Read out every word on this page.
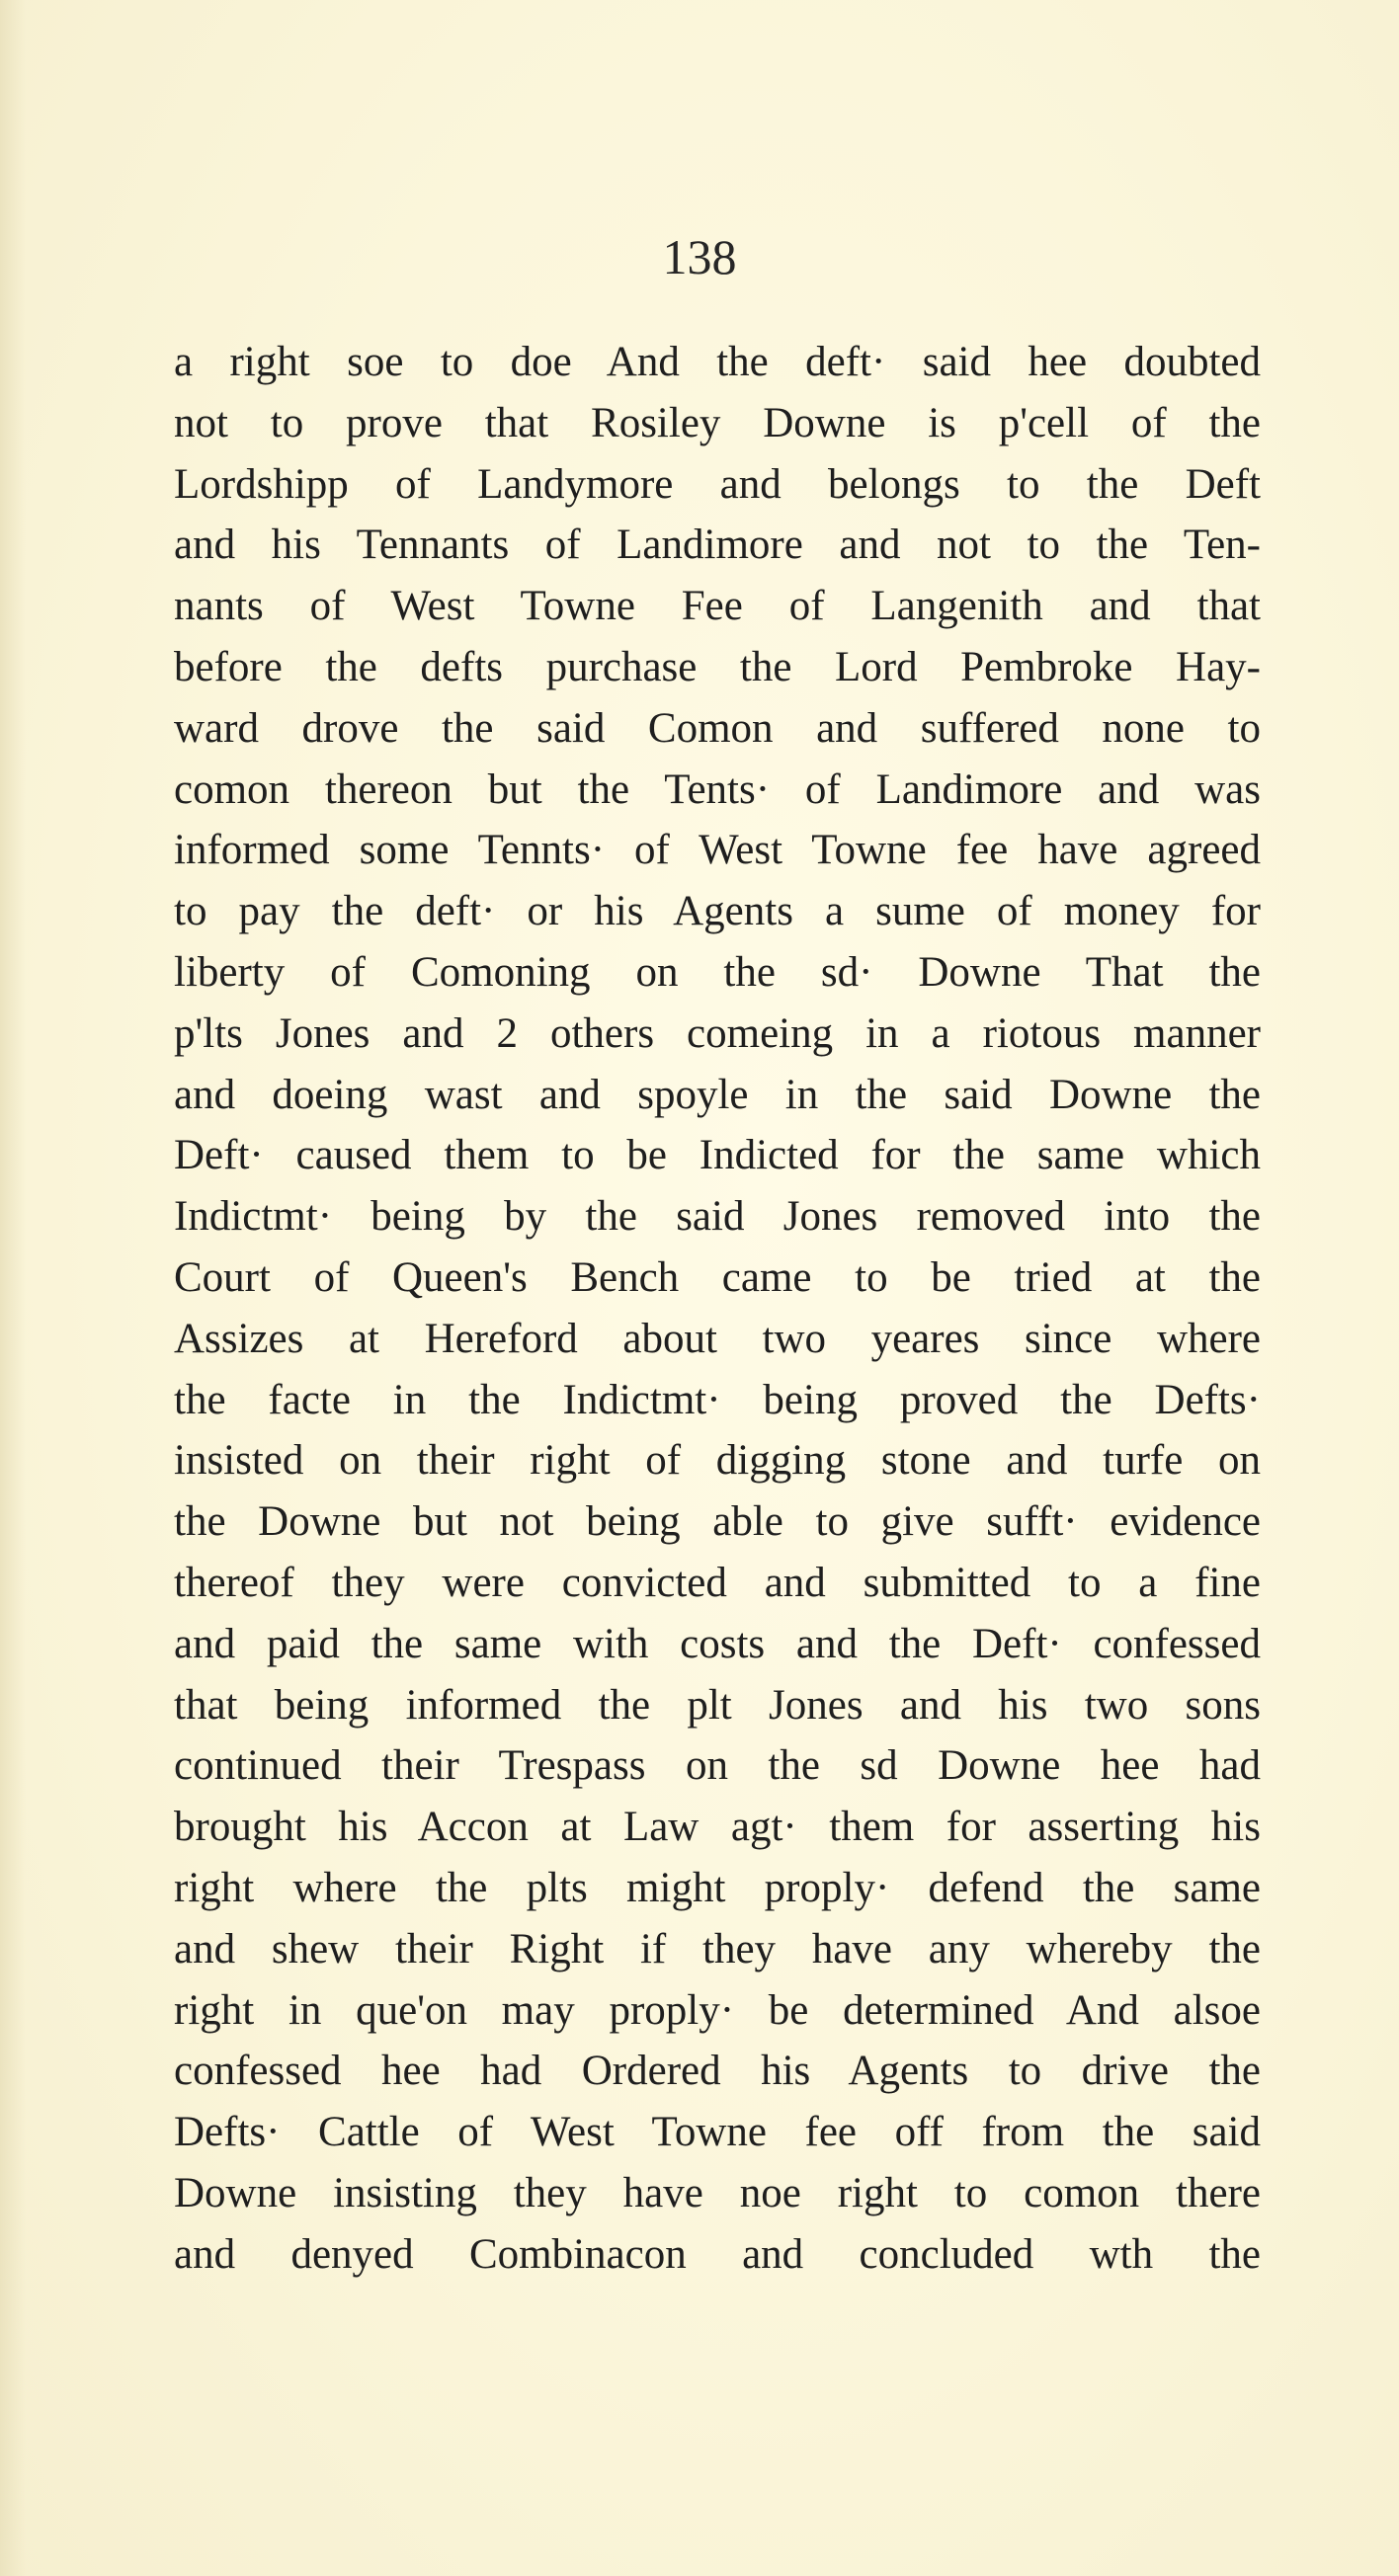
138
a right soe to doe And the deft· said hee doubted
not to prove that Rosiley Downe is p'cell of the
Lordshipp of Landymore and belongs to the Deft
and his Tennants of Landimore and not to the Ten-
nants of West Towne Fee of Langenith and that
before the defts purchase the Lord Pembroke Hay-
ward drove the said Comon and suffered none to
comon thereon but the Tents· of Landimore and was
informed some Tennts· of West Towne fee have agreed
to pay the deft· or his Agents a sume of money for
liberty of Comoning on the sd· Downe That the
p'lts Jones and 2 others comeing in a riotous manner
and doeing wast and spoyle in the said Downe the
Deft· caused them to be Indicted for the same which
Indictmt· being by the said Jones removed into the
Court of Queen's Bench came to be tried at the
Assizes at Hereford about two yeares since where
the facte in the Indictmt· being proved the Defts·
insisted on their right of digging stone and turfe on
the Downe but not being able to give sufft· evidence
thereof they were convicted and submitted to a fine
and paid the same with costs and the Deft· confessed
that being informed the plt Jones and his two sons
continued their Trespass on the sd Downe hee had
brought his Accon at Law agt· them for asserting his
right where the plts might proply· defend the same
and shew their Right if they have any whereby the
right in que'on may proply· be determined And alsoe
confessed hee had Ordered his Agents to drive the
Defts· Cattle of West Towne fee off from the said
Downe insisting they have noe right to comon there
and denyed Combinacon and concluded wth the
